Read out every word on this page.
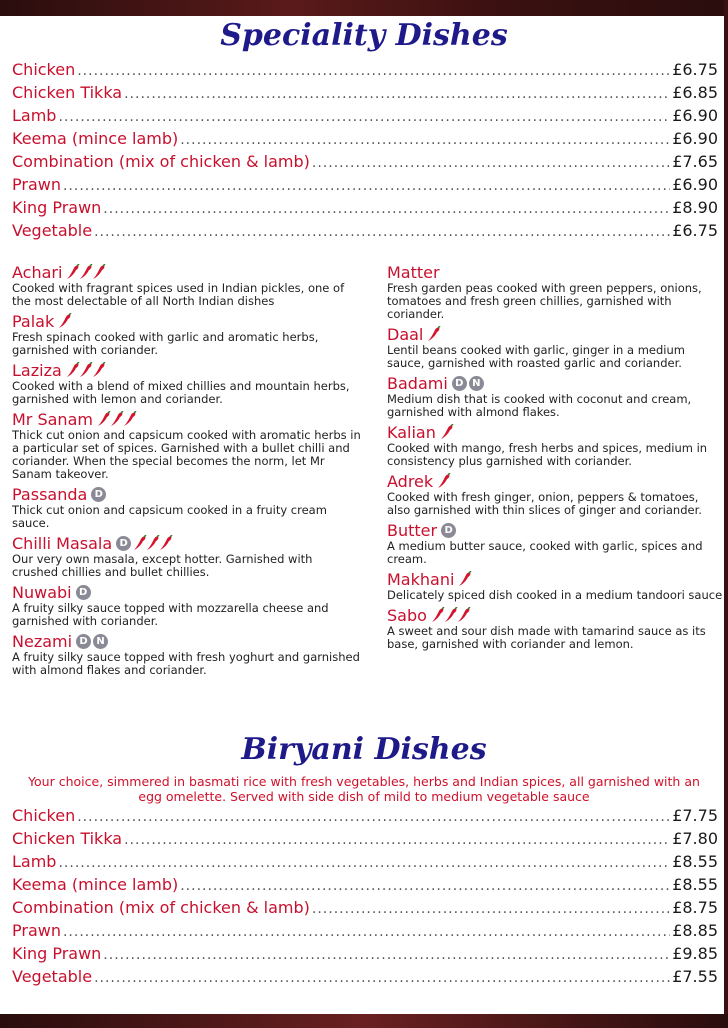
Speciality Dishes
Chicken .....	£6.75
Chicken Tikka .....	£6.85
Lamb .....	£6.90
Keema (mince lamb) .....	£6.90
Combination (mix of chicken & lamb) .....	£7.65
Prawn .....	£6.90
King Prawn .....	£8.90
Vegetable .....	£6.75
Achari
Cooked with fragrant spices used in Indian pickles, one of the most delectable of all North Indian dishes
Palak
Fresh spinach cooked with garlic and aromatic herbs, garnished with coriander.
Laziza
Cooked with a blend of mixed chillies and mountain herbs, garnished with lemon and coriander.
Mr Sanam
Thick cut onion and capsicum cooked with aromatic herbs in a particular set of spices. Garnished with a bullet chilli and coriander. When the special becomes the norm, let Mr Sanam takeover.
Passanda D
Thick cut onion and capsicum cooked in a fruity cream sauce.
Chilli Masala D
Our very own masala, except hotter. Garnished with crushed chillies and bullet chillies.
Nuwabi D
A fruity silky sauce topped with mozzarella cheese and garnished with coriander.
Nezami D N
A fruity silky sauce topped with fresh yoghurt and garnished with almond flakes and coriander.
Matter
Fresh garden peas cooked with green peppers, onions, tomatoes and fresh green chillies, garnished with coriander.
Daal
Lentil beans cooked with garlic, ginger in a medium sauce, garnished with roasted garlic and coriander.
Badami D N
Medium dish that is cooked with coconut and cream, garnished with almond flakes.
Kalian
Cooked with mango, fresh herbs and spices, medium in consistency plus garnished with coriander.
Adrek
Cooked with fresh ginger, onion, peppers & tomatoes, also garnished with thin slices of ginger and coriander.
Butter D
A medium butter sauce, cooked with garlic, spices and cream.
Makhani
Delicately spiced dish cooked in a medium tandoori sauce
Sabo
A sweet and sour dish made with tamarind sauce as its base, garnished with coriander and lemon.
Biryani Dishes
Your choice, simmered in basmati rice with fresh vegetables, herbs and Indian spices, all garnished with an egg omelette. Served with side dish of mild to medium vegetable sauce
Chicken .....	£7.75
Chicken Tikka .....	£7.80
Lamb .....	£8.55
Keema (mince lamb) .....	£8.55
Combination (mix of chicken & lamb) .....	£8.75
Prawn .....	£8.85
King Prawn .....	£9.85
Vegetable .....	£7.55
